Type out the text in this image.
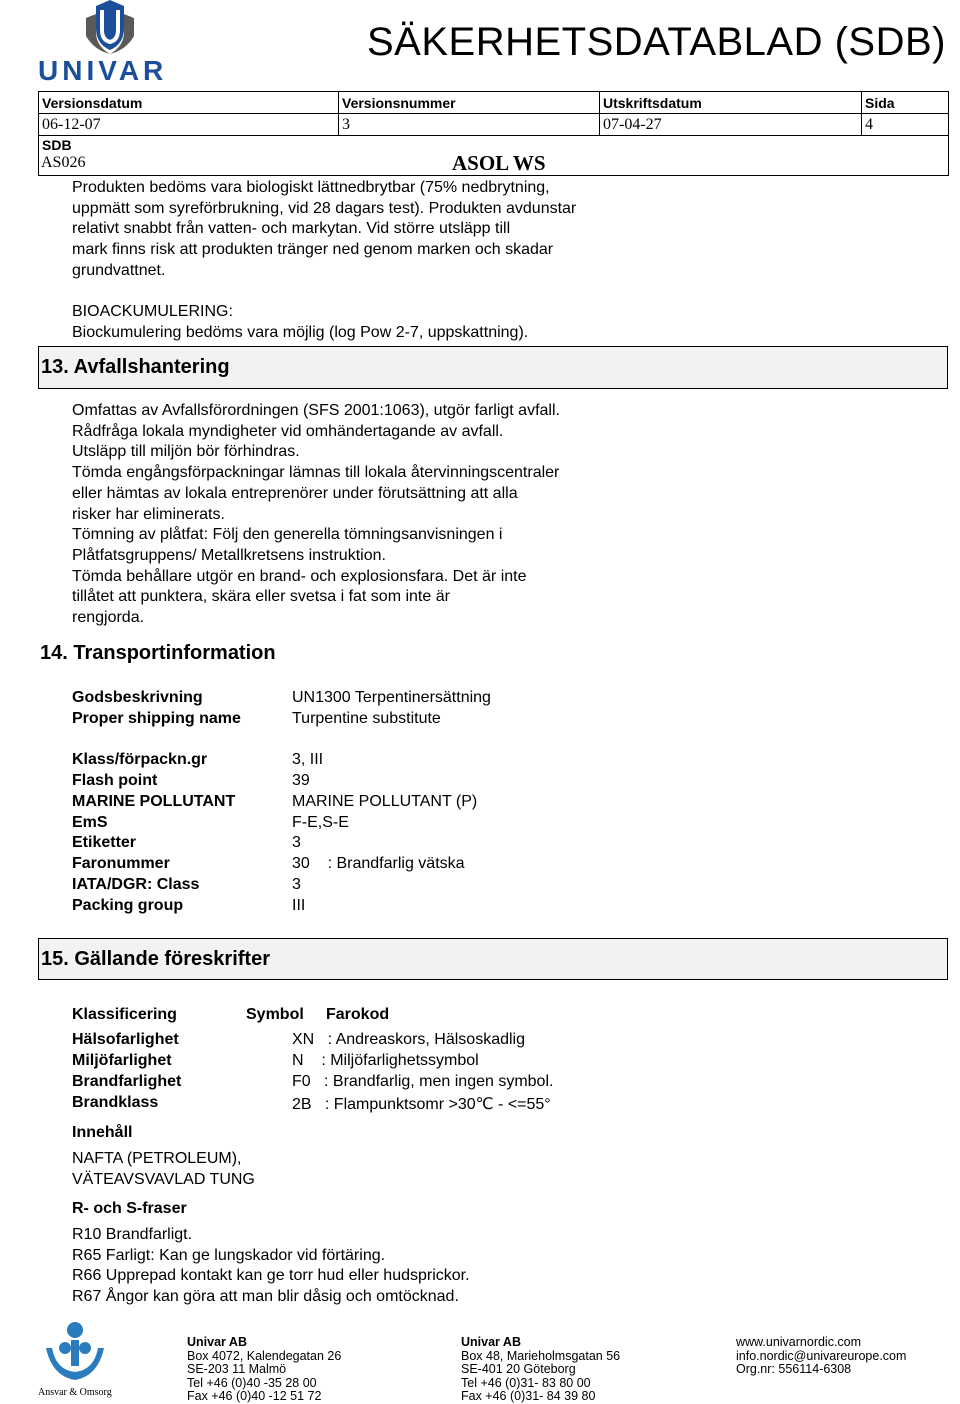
UNIVAR
SÄKERHETSDATABLAD (SDB)
Versionsdatum	Versionsnummer	Utskriftsdatum	Sida
06-12-07	3	07-04-27	4
SDB			
AS026	ASOL WS
Produkten bedöms vara biologiskt lättnedbrytbar (75% nedbrytning,
uppmätt som syreförbrukning, vid 28 dagars test). Produkten avdunstar
relativt snabbt från vatten- och markytan. Vid större utsläpp till
mark finns risk att produkten tränger ned genom marken och skadar
grundvattnet.
BIOACKUMULERING:
Biockumulering bedöms vara möjlig (log Pow 2-7, uppskattning).
13. Avfallshantering
Omfattas av Avfallsförordningen (SFS 2001:1063), utgör farligt avfall.
Rådfråga lokala myndigheter vid omhändertagande av avfall.
Utsläpp till miljön bör förhindras.
Tömda engångsförpackningar lämnas till lokala återvinningscentraler
eller hämtas av lokala entreprenörer under förutsättning att alla
risker har eliminerats.
Tömning av plåtfat: Följ den generella tömningsanvisningen i
Plåtfatsgruppens/ Metallkretsens instruktion.
Tömda behållare utgör en brand- och explosionsfara. Det är inte
tillåtet att punktera, skära eller svetsa i fat som inte är
rengjorda.
14. Transportinformation
Godsbeskrivning	UN1300 Terpentinersättning
Proper shipping name	Turpentine substitute
Klass/förpackn.gr	3, III
Flash point	39
MARINE POLLUTANT	MARINE POLLUTANT (P)
EmS	F-E,S-E
Etiketter	3
Faronummer	30    : Brandfarlig vätska
IATA/DGR: Class	3
Packing group	III
15. Gällande föreskrifter
Klassificering	Symbol Farokod
Hälsofarlighet	XN   : Andreaskors, Hälsoskadlig
Miljöfarlighet	N    : Miljöfarlighetssymbol
Brandfarlighet	F0   : Brandfarlig, men ingen symbol.
Brandklass	2B   : Flampunktsomr >30℃ - <=55°
Innehåll
NAFTA (PETROLEUM),
VÄTEAVSVAVLAD TUNG
R- och S-fraser
R10 Brandfarligt.
R65 Farligt: Kan ge lungskador vid förtäring.
R66 Upprepad kontakt kan ge torr hud eller hudsprickor.
R67 Ångor kan göra att man blir dåsig och omtöcknad.
Ansvar & Omsorg
Univar AB
Box 4072, Kalendegatan 26
SE-203 11 Malmö
Tel +46 (0)40 -35 28 00
Fax +46 (0)40 -12 51 72
Univar AB
Box 48, Marieholmsgatan 56
SE-401 20 Göteborg
Tel +46 (0)31- 83 80 00
Fax +46 (0)31- 84 39 80
www.univarnordic.com
info.nordic@univareurope.com
Org.nr: 556114-6308
